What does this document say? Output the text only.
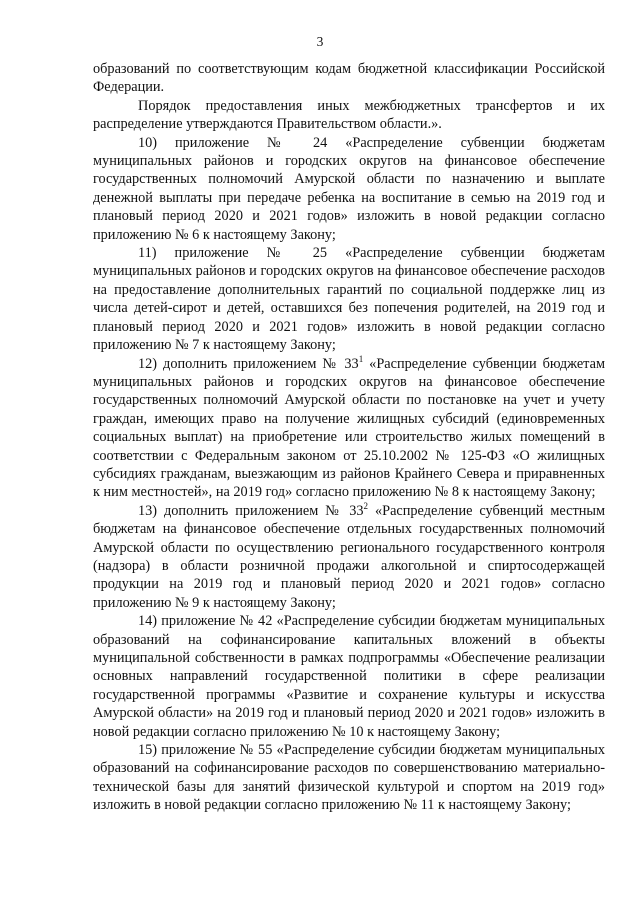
3

образований по соответствующим кодам бюджетной классификации Российской Федерации.

Порядок предоставления иных межбюджетных трансфертов и их распределение утверждаются Правительством области.».

10) приложение № 24 «Распределение субвенции бюджетам муниципальных районов и городских округов на финансовое обеспечение государственных полномочий Амурской области по назначению и выплате денежной выплаты при передаче ребенка на воспитание в семью на 2019 год и плановый период 2020 и 2021 годов» изложить в новой редакции согласно приложению № 6 к настоящему Закону;

11) приложение № 25 «Распределение субвенции бюджетам муниципальных районов и городских округов на финансовое обеспечение расходов на предоставление дополнительных гарантий по социальной поддержке лиц из числа детей-сирот и детей, оставшихся без попечения родителей, на 2019 год и плановый период 2020 и 2021 годов» изложить в новой редакции согласно приложению № 7 к настоящему Закону;

12) дополнить приложением № $33^1$ «Распределение субвенции бюджетам муниципальных районов и городских округов на финансовое обеспечение государственных полномочий Амурской области по постановке на учет и учету граждан, имеющих право на получение жилищных субсидий (единовременных социальных выплат) на приобретение или строительство жилых помещений в соответствии с Федеральным законом от 25.10.2002 № 125-ФЗ «О жилищных субсидиях гражданам, выезжающим из районов Крайнего Севера и приравненных к ним местностей», на 2019 год» согласно приложению № 8 к настоящему Закону;

13) дополнить приложением № $33^2$ «Распределение субвенций местным бюджетам на финансовое обеспечение отдельных государственных полномочий Амурской области по осуществлению регионального государственного контроля (надзора) в области розничной продажи алкогольной и спиртосодержащей продукции на 2019 год и плановый период 2020 и 2021 годов» согласно приложению № 9 к настоящему Закону;

14) приложение № 42 «Распределение субсидии бюджетам муниципальных образований на софинансирование капитальных вложений в объекты муниципальной собственности в рамках подпрограммы «Обеспечение реализации основных направлений государственной политики в сфере реализации государственной программы «Развитие и сохранение культуры и искусства Амурской области» на 2019 год и плановый период 2020 и 2021 годов» изложить в новой редакции согласно приложению № 10 к настоящему Закону;

15) приложение № 55 «Распределение субсидии бюджетам муниципальных образований на софинансирование расходов по совершенствованию материально-технической базы для занятий физической культурой и спортом на 2019 год» изложить в новой редакции согласно приложению № 11 к настоящему Закону;
